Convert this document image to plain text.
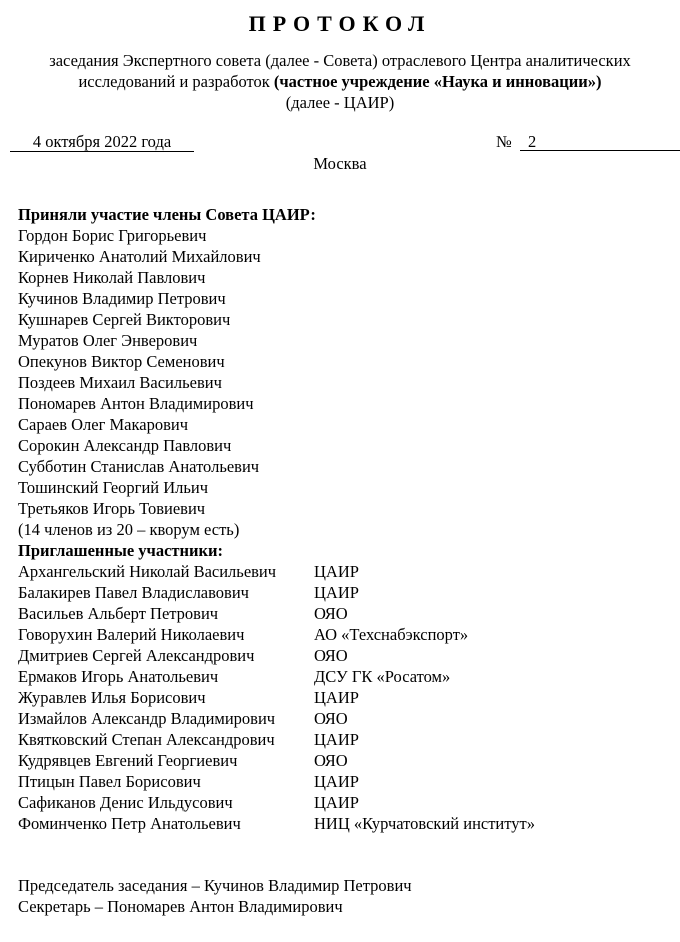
ПРОТОКОЛ
заседания Экспертного совета (далее - Совета) отраслевого Центра аналитических исследований и разработок (частное учреждение «Наука и инновации»)
(далее - ЦАИР)
4 октября 2022 года	№ 2
Москва
Приняли участие члены Совета ЦАИР:
Гордон Борис Григорьевич
Кириченко Анатолий Михайлович
Корнев Николай Павлович
Кучинов Владимир Петрович
Кушнарев Сергей Викторович
Муратов Олег Энверович
Опекунов Виктор Семенович
Поздеев Михаил Васильевич
Пономарев Антон Владимирович
Сараев Олег Макарович
Сорокин Александр Павлович
Субботин Станислав Анатольевич
Тошинский Георгий Ильич
Третьяков Игорь Товиевич
(14 членов из 20 – кворум есть)
Приглашенные участники:
Архангельский Николай Васильевич	ЦАИР
Балакирев Павел Владиславович	ЦАИР
Васильев Альберт Петрович	ОЯО
Говорухин Валерий Николаевич	АО «Техснабэкспорт»
Дмитриев Сергей Александрович	ОЯО
Ермаков Игорь Анатольевич	ДСУ ГК «Росатом»
Журавлев Илья Борисович	ЦАИР
Измайлов Александр Владимирович	ОЯО
Квятковский Степан Александрович	ЦАИР
Кудрявцев Евгений Георгиевич	ОЯО
Птицын Павел Борисович	ЦАИР
Сафиканов Денис Ильдусович	ЦАИР
Фоминченко Петр Анатольевич	НИЦ «Курчатовский институт»
Председатель заседания – Кучинов Владимир Петрович
Секретарь – Пономарев Антон Владимирович
